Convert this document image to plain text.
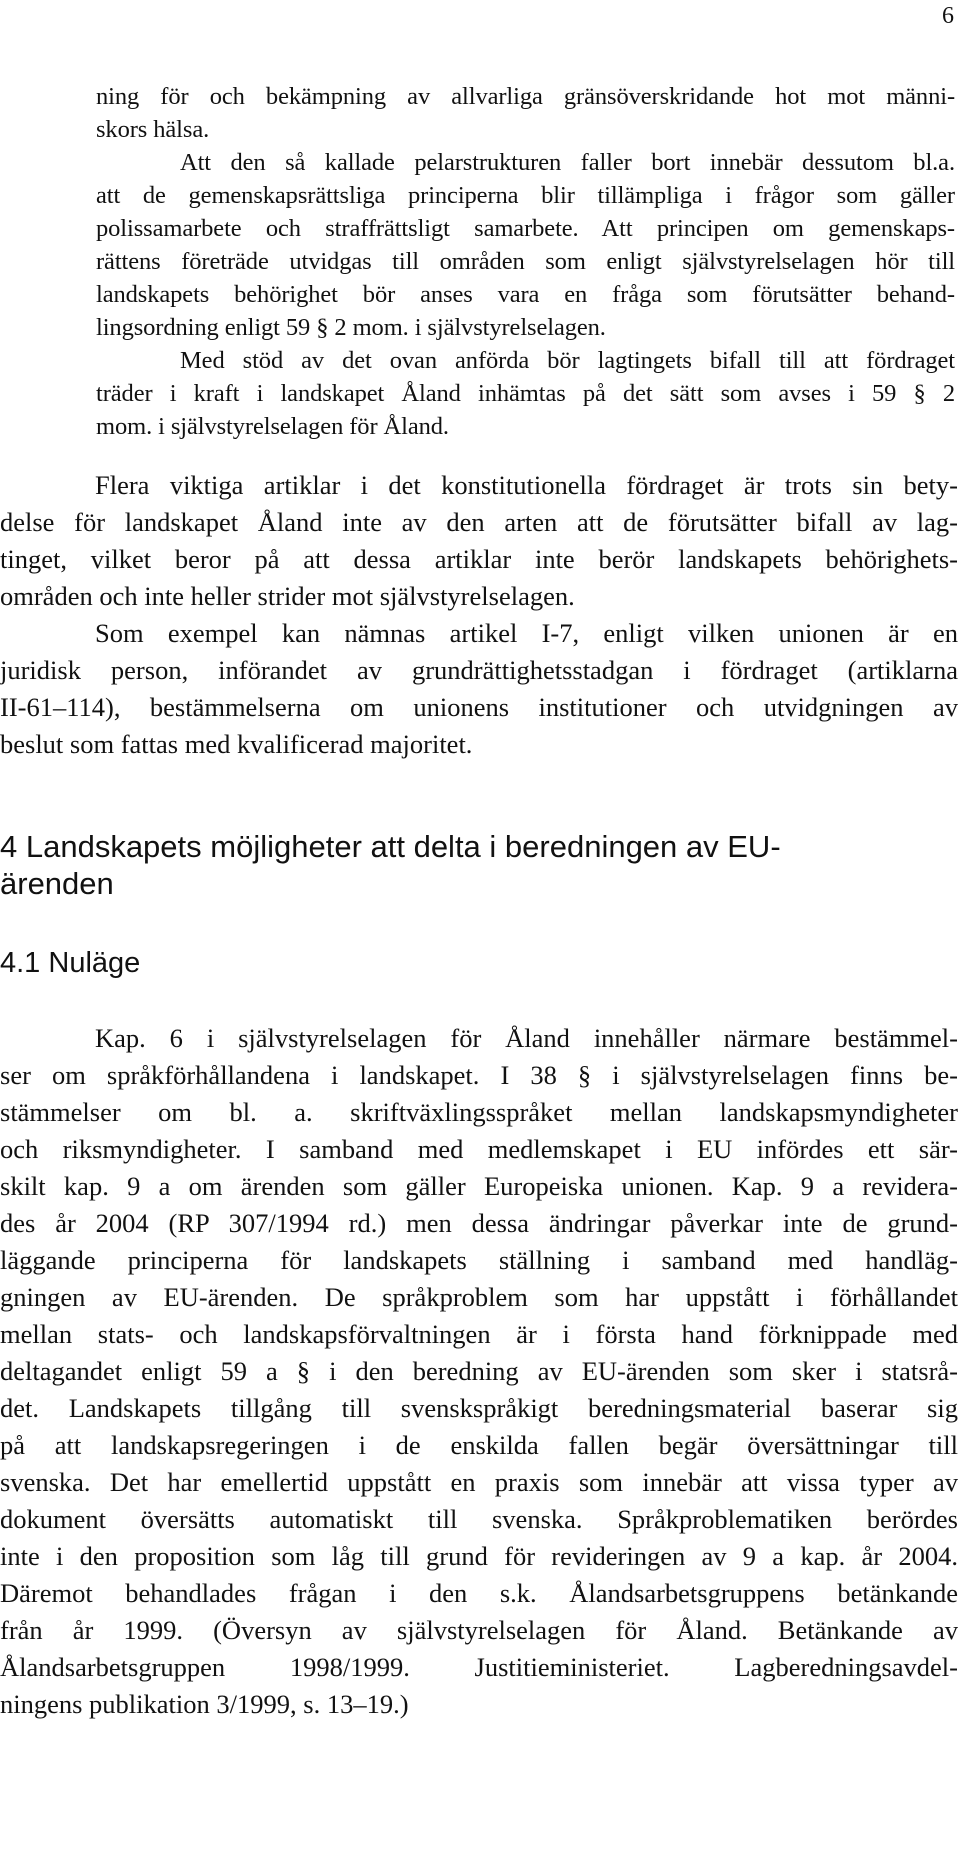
6

ning för och bekämpning av allvarliga gränsöverskridande hot mot männi-

skors hälsa.

Att den så kallade pelarstrukturen faller bort innebär dessutom bl.a.

att de gemenskapsrättsliga principerna blir tillämpliga i frågor som gäller

polissamarbete och straffrättsligt samarbete. Att principen om gemenskaps-

rättens företräde utvidgas till områden som enligt självstyrelselagen hör till

landskapets behörighet bör anses vara en fråga som förutsätter behand-

lingsordning enligt 59 § 2 mom. i självstyrelselagen.

Med stöd av det ovan anförda bör lagtingets bifall till att fördraget

träder i kraft i landskapet Åland inhämtas på det sätt som avses i 59 § 2

mom. i självstyrelselagen för Åland.

Flera viktiga artiklar i det konstitutionella fördraget är trots sin bety-

delse för landskapet Åland inte av den arten att de förutsätter bifall av lag-

tinget, vilket beror på att dessa artiklar inte berör landskapets behörighets-

områden och inte heller strider mot självstyrelselagen.

Som exempel kan nämnas artikel I-7, enligt vilken unionen är en

juridisk person, införandet av grundrättighetsstadgan i fördraget (artiklarna

II-61–114), bestämmelserna om unionens institutioner och utvidgningen av

beslut som fattas med kvalificerad majoritet.

4 Landskapets möjligheter att delta i beredningen av EU-
ärenden
4.1 Nuläge

Kap. 6 i självstyrelselagen för Åland innehåller närmare bestämmel-

ser om språkförhållandena i landskapet. I 38 § i självstyrelselagen finns be-

stämmelser om bl. a. skriftväxlingsspråket mellan landskapsmyndigheter

och riksmyndigheter. I samband med medlemskapet i EU infördes ett sär-

skilt kap. 9 a om ärenden som gäller Europeiska unionen. Kap. 9 a reviderа-

des år 2004 (RP 307/1994 rd.) men dessa ändringar påverkar inte de grund-

läggande principerna för landskapets ställning i samband med handläg-

gningen av EU-ärenden. De språkproblem som har uppstått i förhållandet

mellan stats- och landskapsförvaltningen är i första hand förknippade med

deltagandet enligt 59 a § i den beredning av EU-ärenden som sker i statsrå-

det. Landskapets tillgång till svenskspråkigt beredningsmaterial baserar sig

på att landskapsregeringen i de enskilda fallen begär översättningar till

svenska. Det har emellertid uppstått en praxis som innebär att vissa typer av

dokument översätts automatiskt till svenska. Språkproblematiken berördes

inte i den proposition som låg till grund för revideringen av 9 a kap. år 2004.

Däremot behandlades frågan i den s.k. Ålandsarbetsgruppens betänkande

från år 1999. (Översyn av självstyrelselagen för Åland. Betänkande av

Ålandsarbetsgruppen 1998/1999. Justitieministeriet. Lagberedningsavdel-

ningens publikation 3/1999, s. 13–19.)
